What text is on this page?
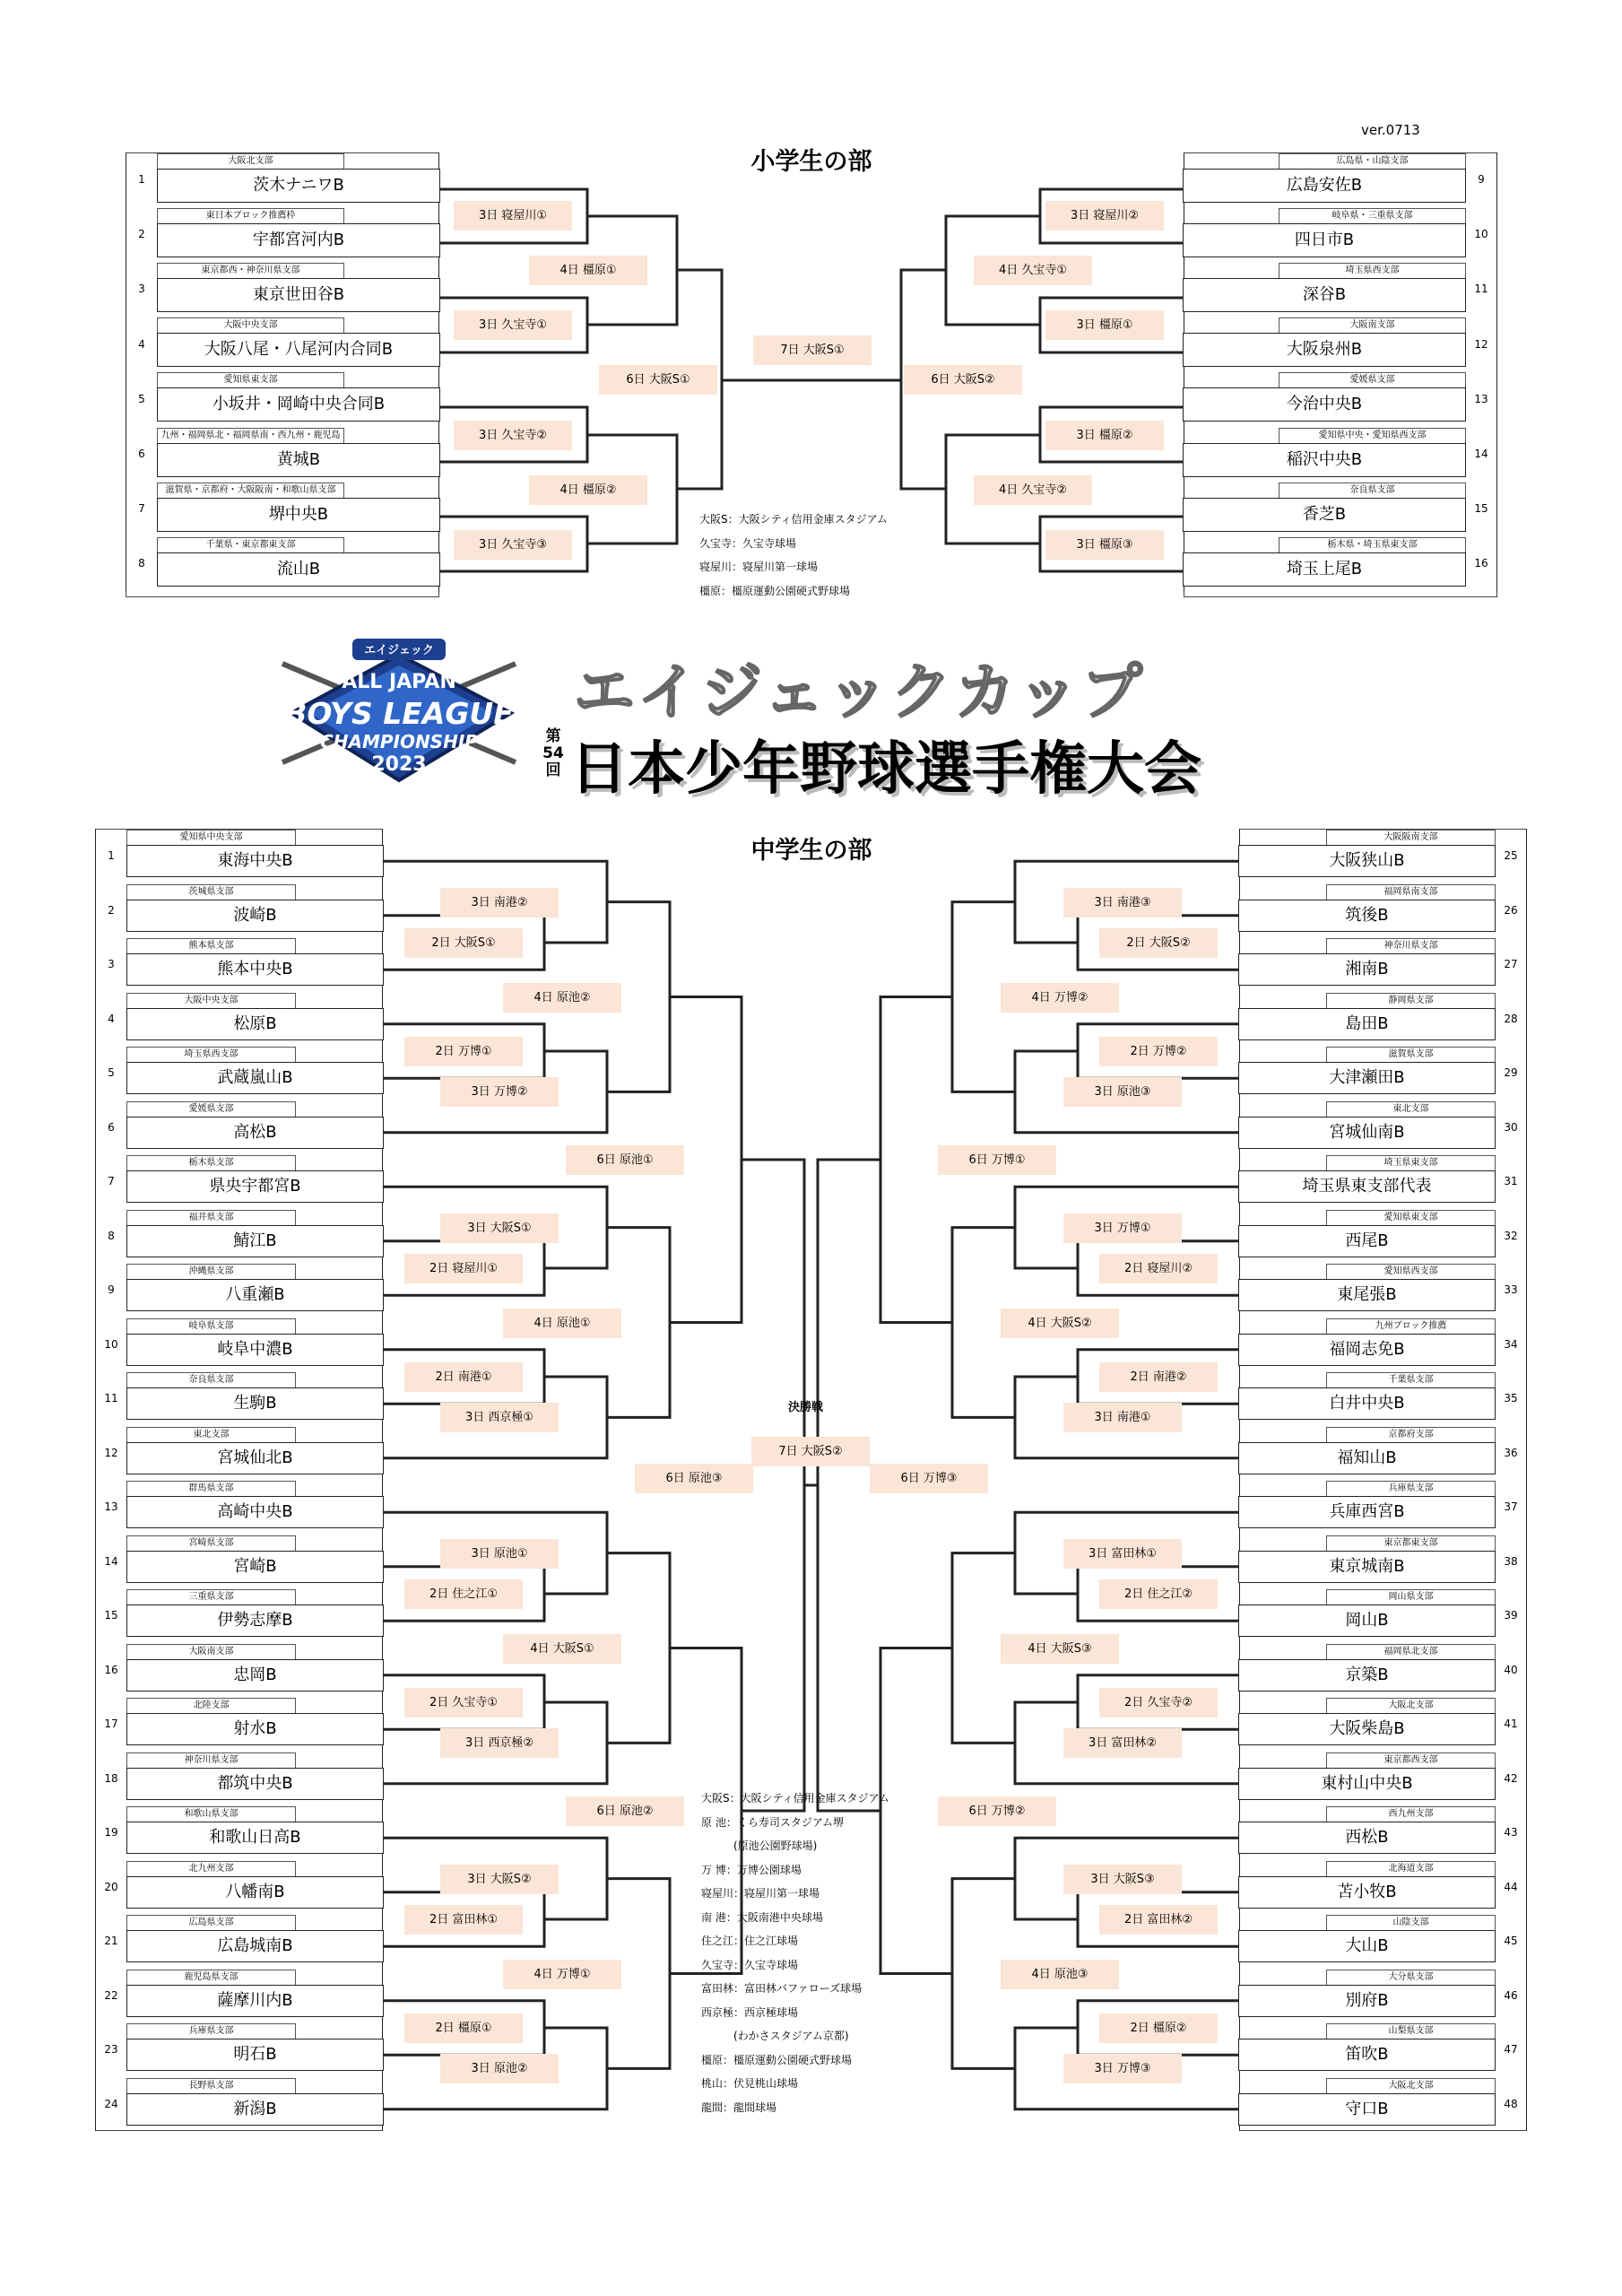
ver.0713
小学生の部
1
大阪北支部
茨木ナニワB
2
東日本ブロック推薦枠
宇都宮河内B
3
東京都西・神奈川県支部
東京世田谷B
4
大阪中央支部
大阪八尾・八尾河内合同B
5
愛知県東支部
小坂井・岡崎中央合同B
6
九州・福岡県北・福岡県南・西九州・鹿児島
黄城B
7
滋賀県・京都府・大阪阪南・和歌山県支部
堺中央B
8
千葉県・東京都東支部
流山B
9
広島県・山陰支部
広島安佐B
10
岐阜県・三重県支部
四日市B
11
埼玉県西支部
深谷B
12
大阪南支部
大阪泉州B
13
愛媛県支部
今治中央B
14
愛知県中央・愛知県西支部
稲沢中央B
15
奈良県支部
香芝B
16
栃木県・埼玉県東支部
埼玉上尾B
3日 寝屋川①
3日 久宝寺①
3日 久宝寺②
3日 久宝寺③
4日 橿原①
4日 橿原②
6日 大阪S①
7日 大阪S①
6日 大阪S②
4日 久宝寺①
4日 久宝寺②
3日 寝屋川②
3日 橿原①
3日 橿原②
3日 橿原③
大阪S：大阪シティ信用金庫スタジアム
久宝寺：久宝寺球場
寝屋川：寝屋川第一球場
橿原：橿原運動公園硬式野球場
エイジェック
ALL JAPAN
BOYS LEAGUE
CHAMPIONSHIP
2023
第
54
回
エイジェックカップ
日本少年野球選手権大会
中学生の部
1
愛知県中央支部
東海中央B
2
茨城県支部
波崎B
3
熊本県支部
熊本中央B
4
大阪中央支部
松原B
5
埼玉県西支部
武蔵嵐山B
6
愛媛県支部
高松B
7
栃木県支部
県央宇都宮B
8
福井県支部
鯖江B
9
沖縄県支部
八重瀬B
10
岐阜県支部
岐阜中濃B
11
奈良県支部
生駒B
12
東北支部
宮城仙北B
13
群馬県支部
高崎中央B
14
宮崎県支部
宮崎B
15
三重県支部
伊勢志摩B
16
大阪南支部
忠岡B
17
北陸支部
射水B
18
神奈川県支部
都筑中央B
19
和歌山県支部
和歌山日高B
20
北九州支部
八幡南B
21
広島県支部
広島城南B
22
鹿児島県支部
薩摩川内B
23
兵庫県支部
明石B
24
長野県支部
新潟B
25
大阪阪南支部
大阪狭山B
26
福岡県南支部
筑後B
27
神奈川県支部
湘南B
28
静岡県支部
島田B
29
滋賀県支部
大津瀬田B
30
東北支部
宮城仙南B
31
埼玉県東支部
埼玉県東支部代表
32
愛知県東支部
西尾B
33
愛知県西支部
東尾張B
34
九州ブロック推薦
福岡志免B
35
千葉県支部
白井中央B
36
京都府支部
福知山B
37
兵庫県支部
兵庫西宮B
38
東京都東支部
東京城南B
39
岡山県支部
岡山B
40
福岡県北支部
京築B
41
大阪北支部
大阪柴島B
42
東京都西支部
東村山中央B
43
西九州支部
西松B
44
北海道支部
苫小牧B
45
山陰支部
大山B
46
大分県支部
別府B
47
山梨県支部
笛吹B
48
大阪北支部
守口B
2日 大阪S①
2日 万博①
3日 南港②
3日 万博②
4日 原池②
2日 寝屋川①
2日 南港①
3日 大阪S①
3日 西京極①
4日 原池①
2日 住之江①
2日 久宝寺①
3日 原池①
3日 西京極②
4日 大阪S①
2日 富田林①
2日 橿原①
3日 大阪S②
3日 原池②
4日 万博①
6日 原池①
6日 原池②
2日 大阪S②
2日 万博②
3日 南港③
3日 原池③
4日 万博②
2日 寝屋川②
2日 南港②
3日 万博①
3日 南港①
4日 大阪S②
2日 住之江②
2日 久宝寺②
3日 富田林①
3日 富田林②
4日 大阪S③
2日 富田林②
2日 橿原②
3日 大阪S③
3日 万博③
4日 原池③
6日 万博①
6日 万博②
決勝戦
7日 大阪S②
6日 原池③	6日 万博③
大阪S：大阪シティ信用金庫スタジアム
原 池：くら寿司スタジアム堺
　　　(原池公園野球場)
万 博：万博公園球場
寝屋川：寝屋川第一球場
南 港：大阪南港中央球場
住之江：住之江球場
久宝寺：久宝寺球場
富田林：富田林バファローズ球場
西京極：西京極球場
　　　(わかさスタジアム京都)
橿原：橿原運動公園硬式野球場
桃山：伏見桃山球場
龍間：龍間球場
